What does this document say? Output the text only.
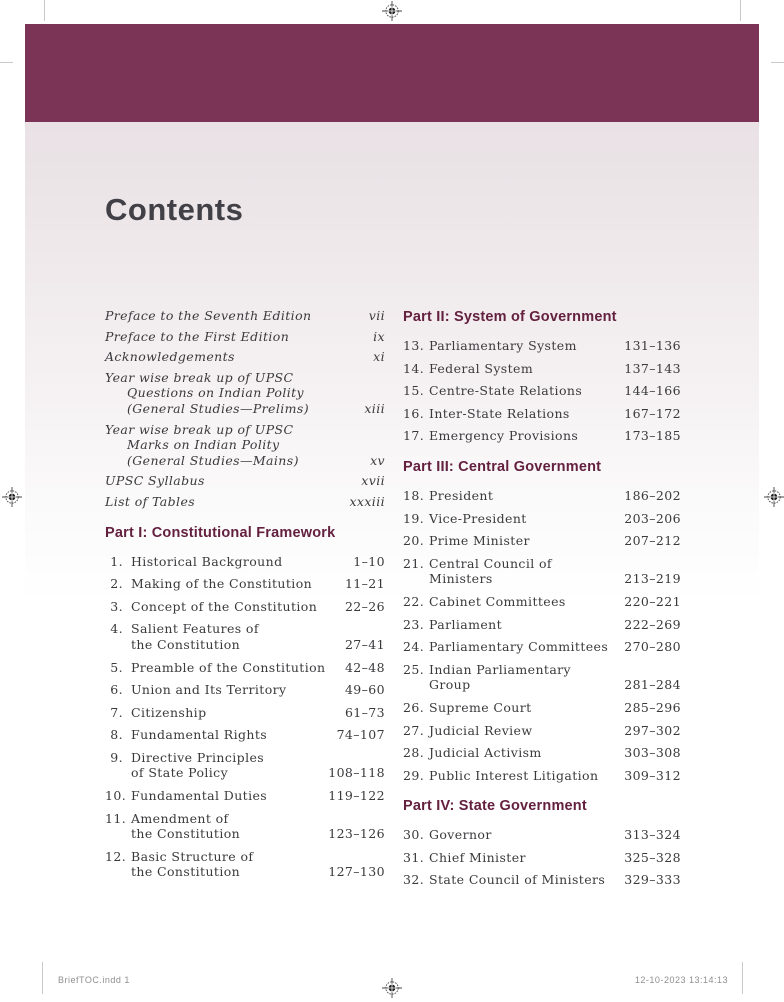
Contents
Preface to the Seventh Edition	vii
Preface to the First Edition	ix
Acknowledgements	xi
Year wise break up of UPSC
Questions on Indian Polity
(General Studies—Prelims)	xiii
Year wise break up of UPSC
Marks on Indian Polity
(General Studies—Mains)	xv
UPSC Syllabus	xvii
List of Tables	xxxiii
Part I: Constitutional Framework
1. Historical Background	1–10
2. Making of the Constitution	11–21
3. Concept of the Constitution	22–26
4. Salient Features of
the Constitution	27–41
5. Preamble of the Constitution	42–48
6. Union and Its Territory	49–60
7. Citizenship	61–73
8. Fundamental Rights	74–107
9. Directive Principles
of State Policy	108–118
10. Fundamental Duties	119–122
11. Amendment of
the Constitution	123–126
12. Basic Structure of
the Constitution	127–130
Part II: System of Government
13. Parliamentary System	131–136
14. Federal System	137–143
15. Centre-State Relations	144–166
16. Inter-State Relations	167–172
17. Emergency Provisions	173–185
Part III: Central Government
18. President	186–202
19. Vice-President	203–206
20. Prime Minister	207–212
21. Central Council of
Ministers	213–219
22. Cabinet Committees	220–221
23. Parliament	222–269
24. Parliamentary Committees	270–280
25. Indian Parliamentary
Group	281–284
26. Supreme Court	285–296
27. Judicial Review	297–302
28. Judicial Activism	303–308
29. Public Interest Litigation	309–312
Part IV: State Government
30. Governor	313–324
31. Chief Minister	325–328
32. State Council of Ministers	329–333
BriefTOC.indd 1	12-10-2023 13:14:13
